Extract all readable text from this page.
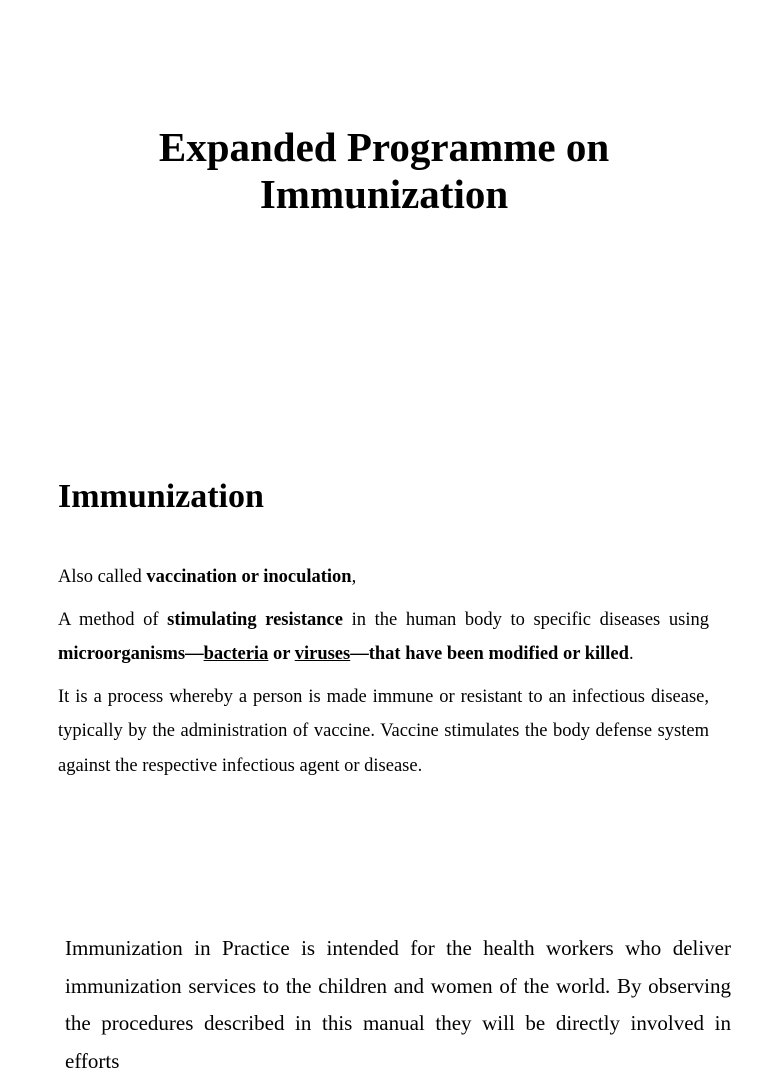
Expanded Programme on
Immunization
Immunization

Also called vaccination or inoculation,

A method of stimulating resistance in the human body to specific diseases using microorganisms—bacteria or viruses—that have been modified or killed.

It is a process whereby a person is made immune or resistant to an infectious disease, typically by the administration of vaccine. Vaccine stimulates the body defense system against the respective infectious agent or disease.

Immunization in Practice is intended for the health workers who deliver immunization services to the children and women of the world. By observing the procedures described in this manual they will be directly involved in efforts
